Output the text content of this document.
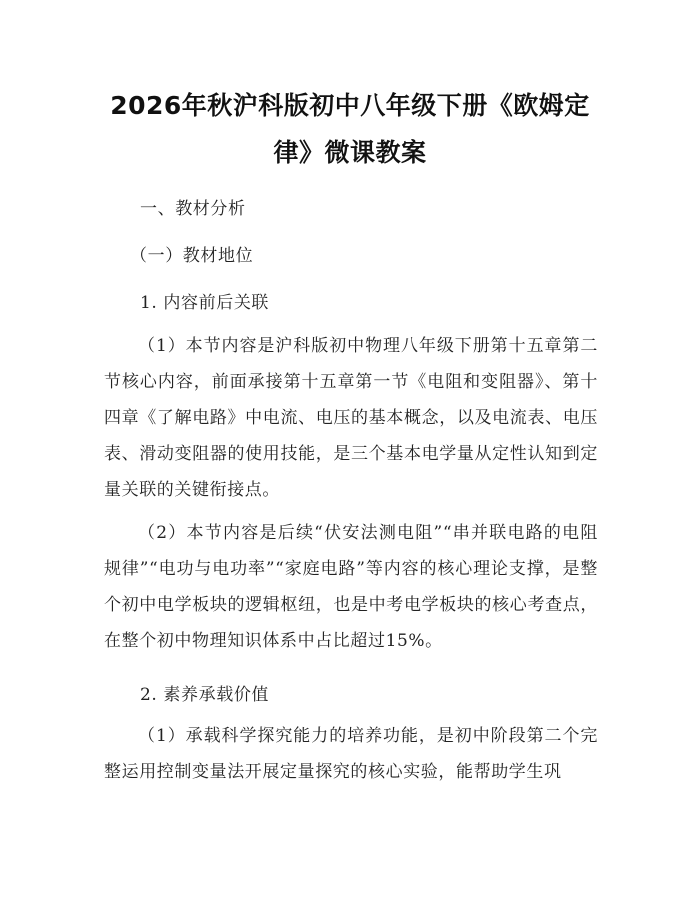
2026年秋沪科版初中八年级下册《欧姆定
律》微课教案

一、教材分析

（一）教材地位

1. 内容前后关联

（1）本节内容是沪科版初中物理八年级下册第十五章第二节核心内容，前面承接第十五章第一节《电阻和变阻器》、第十四章《了解电路》中电流、电压的基本概念，以及电流表、电压表、滑动变阻器的使用技能，是三个基本电学量从定性认知到定量关联的关键衔接点。

（2）本节内容是后续“伏安法测电阻”“串并联电路的电阻规律”“电功与电功率”“家庭电路”等内容的核心理论支撑，是整个初中电学板块的逻辑枢纽，也是中考电学板块的核心考查点，在整个初中物理知识体系中占比超过15%。

2. 素养承载价值

（1）承载科学探究能力的培养功能，是初中阶段第二个完整运用控制变量法开展定量探究的核心实验，能帮助学生巩
